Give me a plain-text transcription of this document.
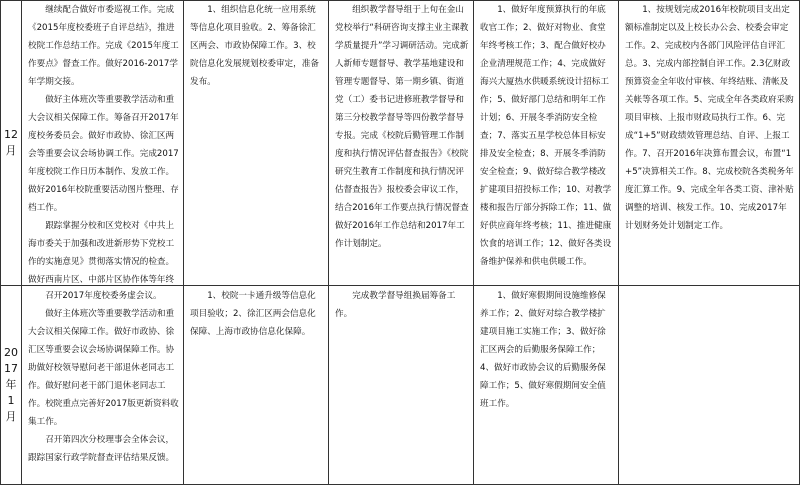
12月

继续配合做好市委巡视工作。完成《2015年度校委班子自评总结》，推进校院工作总结工作。完成《2015年度工作要点》督查工作。做好2016-2017学年学期交接。

做好主体班次等重要教学活动和重大会议相关保障工作。筹备召开2017年度校务委员会。做好市政协、徐汇区两会等重要会议会场协调工作。完成2017年度校院工作日历本制作、发放工作。做好2016年校院重要活动图片整理、存档工作。

跟踪掌握分校和区党校对《中共上海市委关于加强和改进新形势下党校工作的实施意见》贯彻落实情况的检查。做好西南片区、中部片区协作体等年终

1、组织信息化统一应用系统等信息化项目验收。2、筹备徐汇区两会、市政协保障工作。3、校院信息化发展规划校委审定，准备发布。

组织教学督导组于上旬在金山党校举行“科研咨询支撑主业主课教学质量提升”学习调研活动。完成新人新师专题督导、教学基地建设和管理专题督导、第一期乡镇、街道党（工）委书记进修班教学督导和第三分校教学督导等四份教学督导专报。完成《校院后勤管理工作制度和执行情况评估督查报告》《校院研究生教育工作制度和执行情况评估督查报告》报校委会审议工作，结合2016年工作要点执行情况督查做好2016年工作总结和2017年工作计划制定。

1、做好年度预算执行的年底收官工作；2、做好对物业、食堂年终考核工作；3、配合做好校办企业清理规范工作；4、完成做好海兴大厦热水供暖系统设计招标工作；5、做好部门总结和明年工作计划；6、开展冬季消防安全检查；7、落实五星学校总体目标安排及安全检查；8、开展冬季消防安全检查；9、做好综合教学楼改扩建项目招投标工作；10、对教学楼和报告厅部分拆除工作；11、做好供应商年终考核；11、推进健康饮食的培训工作；12、做好各类设备维护保养和供电供暖工作。

1、按规划完成2016年校院项目支出定额标准制定以及上校长办公会、校委会审定工作。2、完成校内各部门风险评估自评汇总。3、完成内部控制自评工作。2.3亿财政预算资金全年收付审核、年终结账、清帐及关帐等各项工作。5、完成全年各类政府采购项目审核、上报市财政局执行工作。6、完成“1+5”财政绩效管理总结、自评、上报工作。7、召开2016年决算布置会议，布置“1+5”决算相关工作。8、完成校院各类税务年度汇算工作。9、完成全年各类工资、津补贴调整的培训、核发工作。10、完成2017年计划财务处计划制定工作。

2017年1月

召开2017年度校委务虚会议。

做好主体班次等重要教学活动和重大会议相关保障工作。做好市政协、徐汇区等重要会议会场协调保障工作。协助做好校领导慰问老干部退休老同志工作。做好慰问老干部门退休老同志工作。校院重点完善好2017版更新资料收集工作。

召开第四次分校理事会全体会议，跟踪国家行政学院督查评估结果反馈。

1、校院一卡通升级等信息化项目验收；2、徐汇区两会信息化保障、上海市政协信息化保障。

完成教学督导组换届筹备工作。

1、做好寒假期间设施维修保养工作；2、做好对综合教学楼扩建项目施工实施工作；3、做好徐汇区两会的后勤服务保障工作；4、做好市政协会议的后勤服务保障工作；5、做好寒假期间安全值班工作。
